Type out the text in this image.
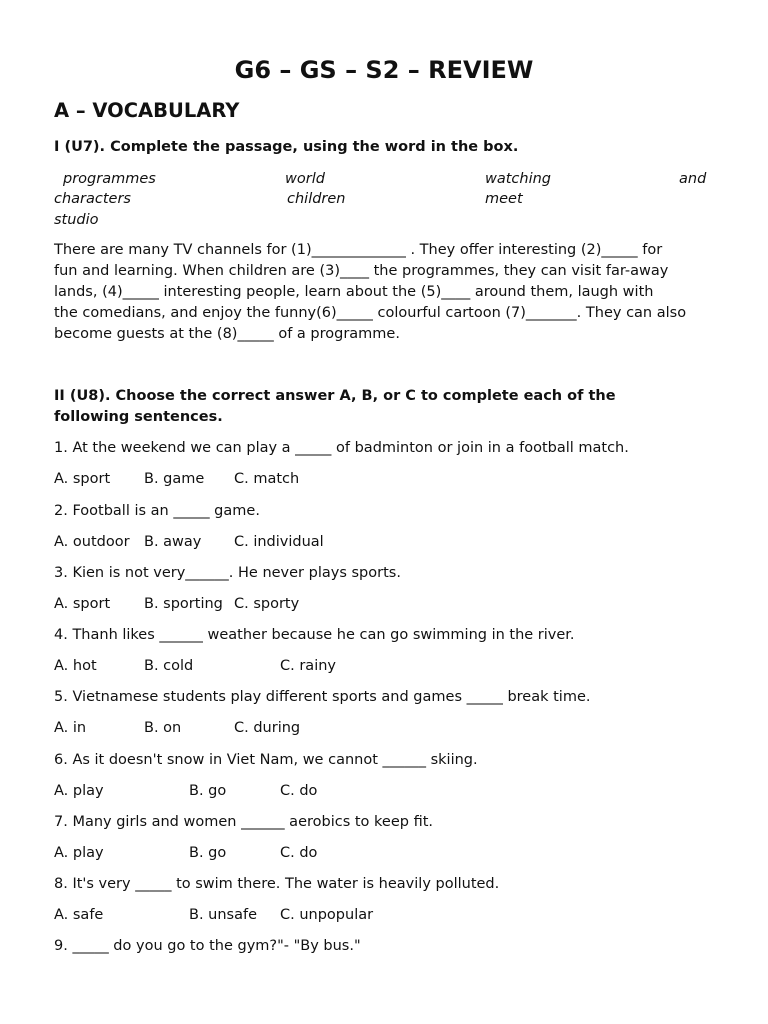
G6 – GS – S2 – REVIEW
A – VOCABULARY
I (U7). Complete the passage, using the word in the box.
programmes	world	watching	and
characters	children	meet
studio
There are many TV channels for (1)_____________ . They offer interesting (2)_____ for
fun and learning. When children are (3)____ the programmes, they can visit far-away
lands, (4)_____ interesting people, learn about the (5)____ around them, laugh with
the comedians, and enjoy the funny(6)_____ colourful cartoon (7)_______. They can also
become guests at the (8)_____ of a programme.
II (U8). Choose the correct answer A, B, or C to complete each of the
following sentences.
1. At the weekend we can play a _____ of badminton or join in a football match.
A. sport B. game C. match
2. Football is an _____ game.
A. outdoor B. away C. individual
3. Kien is not very______. He never plays sports.
A. sport B. sporting C. sporty
4. Thanh likes ______ weather because he can go swimming in the river.
A. hot	B. cold	C. rainy
5. Vietnamese students play different sports and games _____ break time.
A. in	B. on	C. during
6. As it doesn't snow in Viet Nam, we cannot ______ skiing.
A. play	B. go	C. do
7. Many girls and women ______ aerobics to keep fit.
A. play	B. go	C. do
8. It's very _____ to swim there. The water is heavily polluted.
A. safe	B. unsafe C. unpopular
9. _____ do you go to the gym?"- "By bus."
